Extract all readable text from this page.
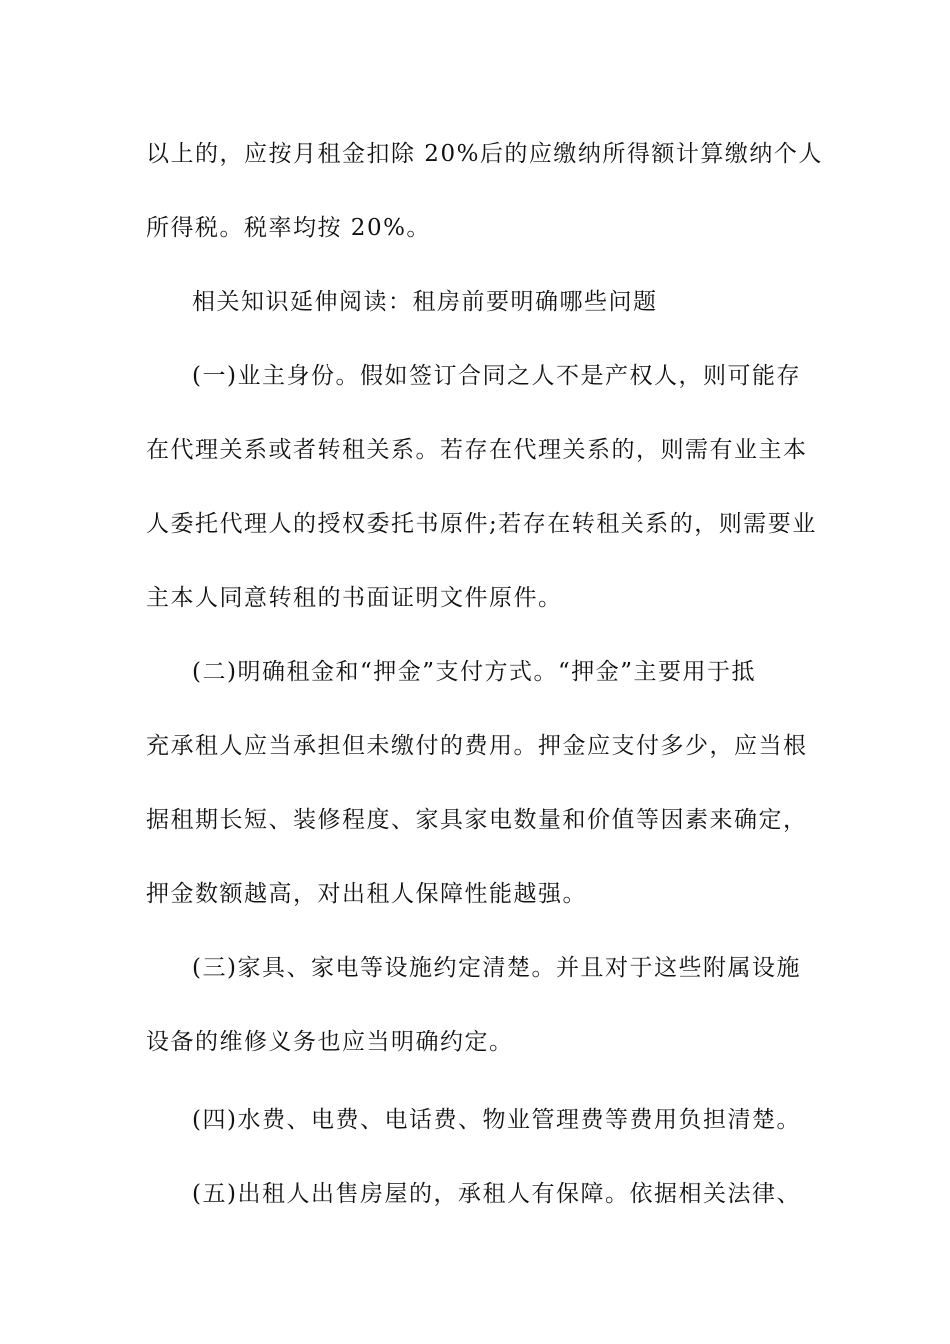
以上的，应按月租金扣除 20%后的应缴纳所得额计算缴纳个人
所得税。税率均按 20%。
相关知识延伸阅读：租房前要明确哪些问题
(一)业主身份。假如签订合同之人不是产权人，则可能存
在代理关系或者转租关系。若存在代理关系的，则需有业主本
人委托代理人的授权委托书原件;若存在转租关系的，则需要业
主本人同意转租的书面证明文件原件。
(二)明确租金和“押金”支付方式。“押金”主要用于抵
充承租人应当承担但未缴付的费用。押金应支付多少，应当根
据租期长短、装修程度、家具家电数量和价值等因素来确定，
押金数额越高，对出租人保障性能越强。
(三)家具、家电等设施约定清楚。并且对于这些附属设施
设备的维修义务也应当明确约定。
(四)水费、电费、电话费、物业管理费等费用负担清楚。
(五)出租人出售房屋的，承租人有保障。依据相关法律、
